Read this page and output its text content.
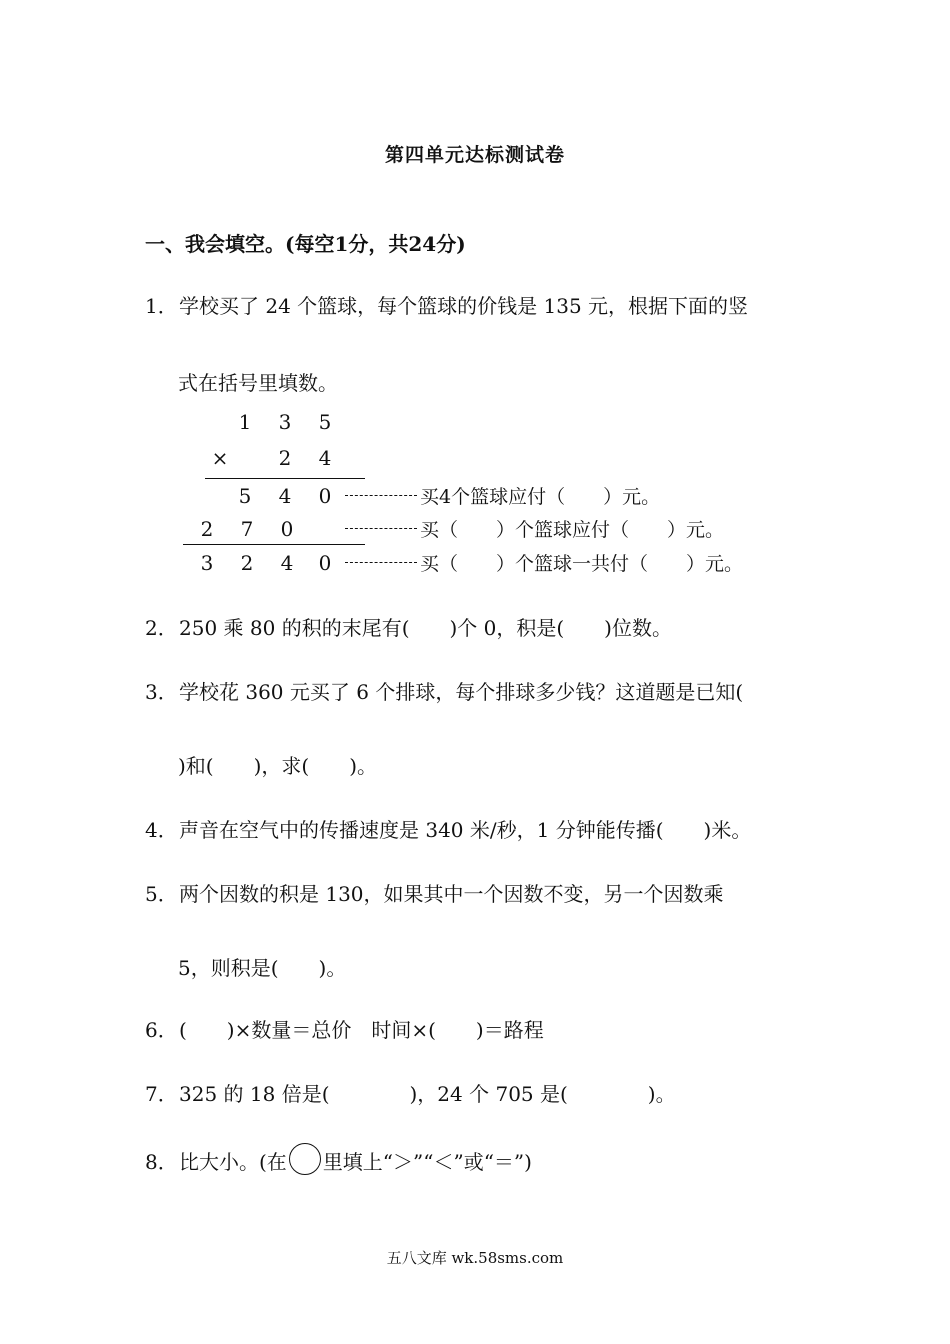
第四单元达标测试卷
一、我会填空。(每空1分，共24分)
1．学校买了 24 个篮球，每个篮球的价钱是 135 元，根据下面的竖
式在括号里填数。
1 3 5
×	2 4
5 4 0
2 7 0
3 2 4 0
买4个篮球应付（　　）元。
买（　　）个篮球应付（　　）元。
买（　　）个篮球一共付（　　）元。
2．250 乘 80 的积的末尾有(　　)个 0，积是(　　)位数。
3．学校花 360 元买了 6 个排球，每个排球多少钱？这道题是已知(
)和(　　)，求(　　)。
4．声音在空气中的传播速度是 340 米/秒，1 分钟能传播(　　)米。
5．两个因数的积是 130，如果其中一个因数不变，另一个因数乘
5，则积是(　　)。
6．(　　)×数量＝总价　时间×(　　)＝路程
7．325 的 18 倍是(　　　　)，24 个 705 是(　　　　)。
8．比大小。(在 里填上“＞”“＜”或“＝”)
五八文库 wk.58sms.com
